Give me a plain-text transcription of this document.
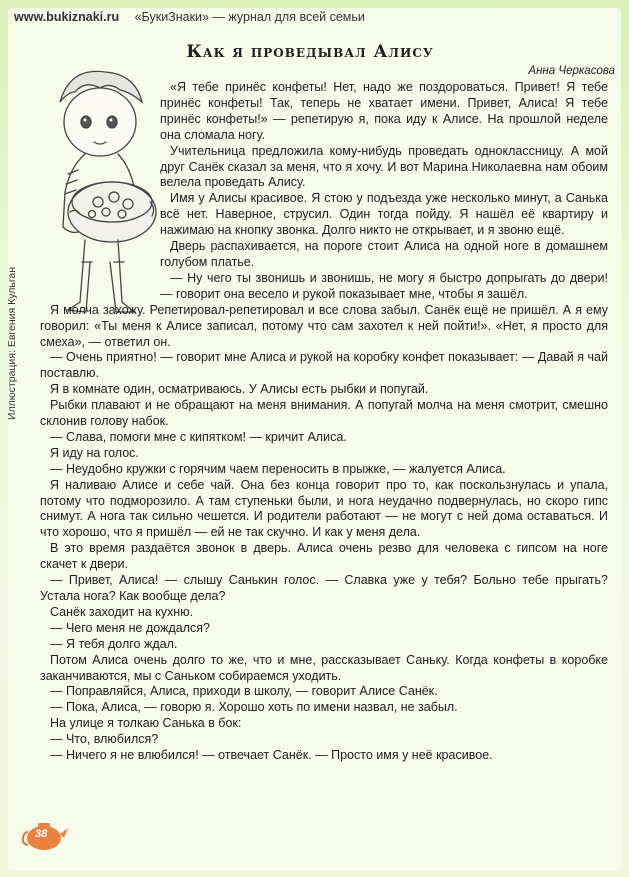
www.bukiznaki.ru «БукиЗнаки» — журнал для всей семьи
Как я проведывал Алису
Анна Черкасова
Иллюстрация: Евгения Кульган

«Я тебе принёс конфеты! Нет, надо же поздороваться. Привет! Я тебе принёс конфеты! Так, теперь не хватает имени. Привет, Алиса! Я тебе принёс конфеты!» — репетирую я, пока иду к Алисе. На прошлой неделе она сломала ногу.

Учительница предложила кому-нибудь проведать одноклассницу. А мой друг Санёк сказал за меня, что я хочу. И вот Марина Николаевна нам обоим велела проведать Алису.

Имя у Алисы красивое. Я стою у подъезда уже несколько минут, а Санька всё нет. Наверное, струсил. Один тогда пойду. Я нашёл её квартиру и нажимаю на кнопку звонка. Долго никто не открывает, и я звоню ещё.

Дверь распахивается, на пороге стоит Алиса на одной ноге в домашнем голубом платье.

— Ну чего ты звонишь и звонишь, не могу я быстро допрыгать до двери! — говорит она весело и рукой показывает мне, чтобы я зашёл.

Я молча захожу. Репетировал-репетировал и все слова забыл. Санёк ещё не пришёл. А я ему говорил: «Ты меня к Алисе записал, потому что сам захотел к ней пойти!». «Нет, я просто для смеха», — ответил он.

— Очень приятно! — говорит мне Алиса и рукой на коробку конфет показывает: — Давай я чай поставлю.

Я в комнате один, осматриваюсь. У Алисы есть рыбки и попугай.

Рыбки плавают и не обращают на меня внимания. А попугай молча на меня смотрит, смешно склонив голову набок.

— Слава, помоги мне с кипятком! — кричит Алиса.

Я иду на голос.

— Неудобно кружки с горячим чаем переносить в прыжке, — жалуется Алиса.

Я наливаю Алисе и себе чай. Она без конца говорит про то, как поскользнулась и упала, потому что подморозило. А там ступеньки были, и нога неудачно подвернулась, но скоро гипс снимут. А нога так сильно чешется. И родители работают — не могут с ней дома оставаться. И что хорошо, что я пришёл — ей не так скучно. И как у меня дела.

В это время раздаётся звонок в дверь. Алиса очень резво для человека с гипсом на ноге скачет к двери.

— Привет, Алиса! — слышу Санькин голос. — Славка уже у тебя? Больно тебе прыгать? Устала нога? Как вообще дела?

Санёк заходит на кухню.

— Чего меня не дождался?

— Я тебя долго ждал.

Потом Алиса очень долго то же, что и мне, рассказывает Саньку. Когда конфеты в коробке заканчиваются, мы с Саньком собираемся уходить.

— Поправляйся, Алиса, приходи в школу, — говорит Алисе Санёк.

— Пока, Алиса, — говорю я. Хорошо хоть по имени назвал, не забыл.

На улице я толкаю Санька в бок:

— Что, влюбился?

— Ничего я не влюбился! — отвечает Санёк. — Просто имя у неё красивое.

38
